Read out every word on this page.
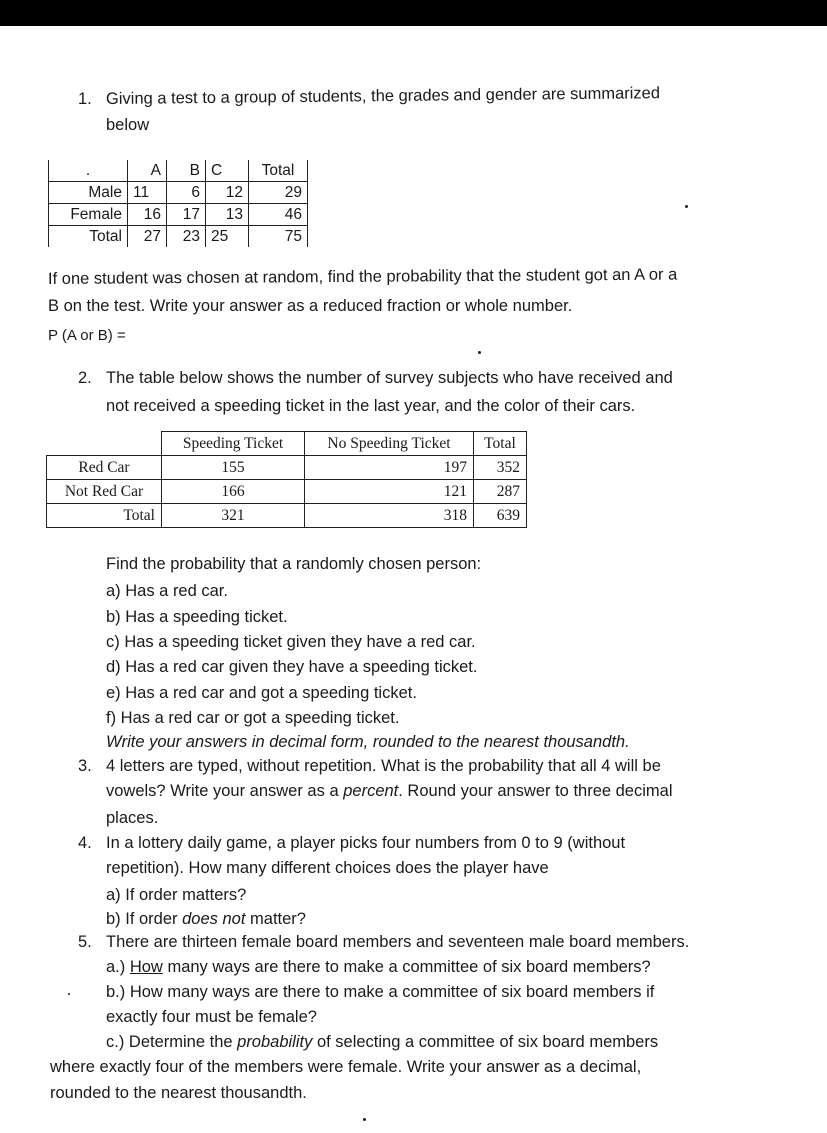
1. Giving a test to a group of students, the grades and gender are summarized
below
.	A	B	C	Total
Male	11	6	12	29
Female	16	17	13	46
Total	27	23	25	75
If one student was chosen at random, find the probability that the student got an A or a
B on the test. Write your answer as a reduced fraction or whole number.
P (A or B) =
2. The table below shows the number of survey subjects who have received and
not received a speeding ticket in the last year, and the color of their cars.
	Speeding Ticket	No Speeding Ticket	Total
Red Car	155	197	352
Not Red Car	166	121	287
Total	321	318	639
Find the probability that a randomly chosen person:
a) Has a red car.
b) Has a speeding ticket.
c) Has a speeding ticket given they have a red car.
d) Has a red car given they have a speeding ticket.
e) Has a red car and got a speeding ticket.
f) Has a red car or got a speeding ticket.
Write your answers in decimal form, rounded to the nearest thousandth.
3. 4 letters are typed, without repetition. What is the probability that all 4 will be
vowels? Write your answer as a percent. Round your answer to three decimal
places.
4. In a lottery daily game, a player picks four numbers from 0 to 9 (without
repetition). How many different choices does the player have
a) If order matters?
b) If order does not matter?
5. There are thirteen female board members and seventeen male board members.
a.) How many ways are there to make a committee of six board members?
b.) How many ways are there to make a committee of six board members if
exactly four must be female?
c.) Determine the probability of selecting a committee of six board members
where exactly four of the members were female. Write your answer as a decimal,
rounded to the nearest thousandth.
